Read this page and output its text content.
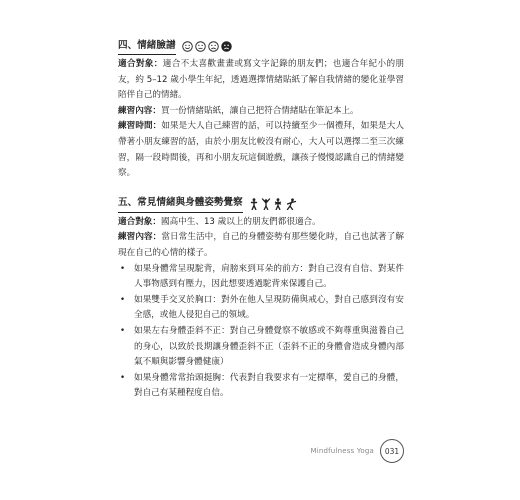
四、情緒臉譜

適合對象：適合不太喜歡畫畫或寫文字記錄的朋友們；也適合年紀小的朋友，約 5–12 歲小學生年紀，透過選擇情緒貼紙了解自我情緒的變化並學習陪伴自己的情緒。

練習內容：買一份情緒貼紙，讓自己把符合情緒貼在筆記本上。

練習時間：如果是大人自己練習的話，可以持續至少一個禮拜，如果是大人帶著小朋友練習的話，由於小朋友比較沒有耐心，大人可以選擇二至三次練習，隔一段時間後，再和小朋友玩這個遊戲，讓孩子慢慢認識自己的情緒變察。

五、常見情緒與身體姿勢覺察

適合對象：國高中生、13 歲以上的朋友們都很適合。

練習內容：當日常生活中，自己的身體姿勢有那些變化時，自己也試著了解現在自己的心情的樣子。

• 如果身體常呈現駝背，肩膀來到耳朵的前方：對自己沒有自信、對某件人事物感到有壓力，因此想要透過駝背來保護自己。
• 如果雙手交叉於胸口：對外在他人呈現防備與戒心，對自己感到沒有安全感，或他人侵犯自己的領域。
• 如果左右身體歪斜不正：對自己身體覺察不敏感或不夠尊重與滋養自己的身心，以致於長期讓身體歪斜不正（歪斜不正的身體會造成身體內部氣不順與影響身體健康）
• 如果身體常常抬頭挺胸：代表對自我要求有一定標準，愛自己的身體，對自己有某種程度自信。
Mindfulness Yoga	031
